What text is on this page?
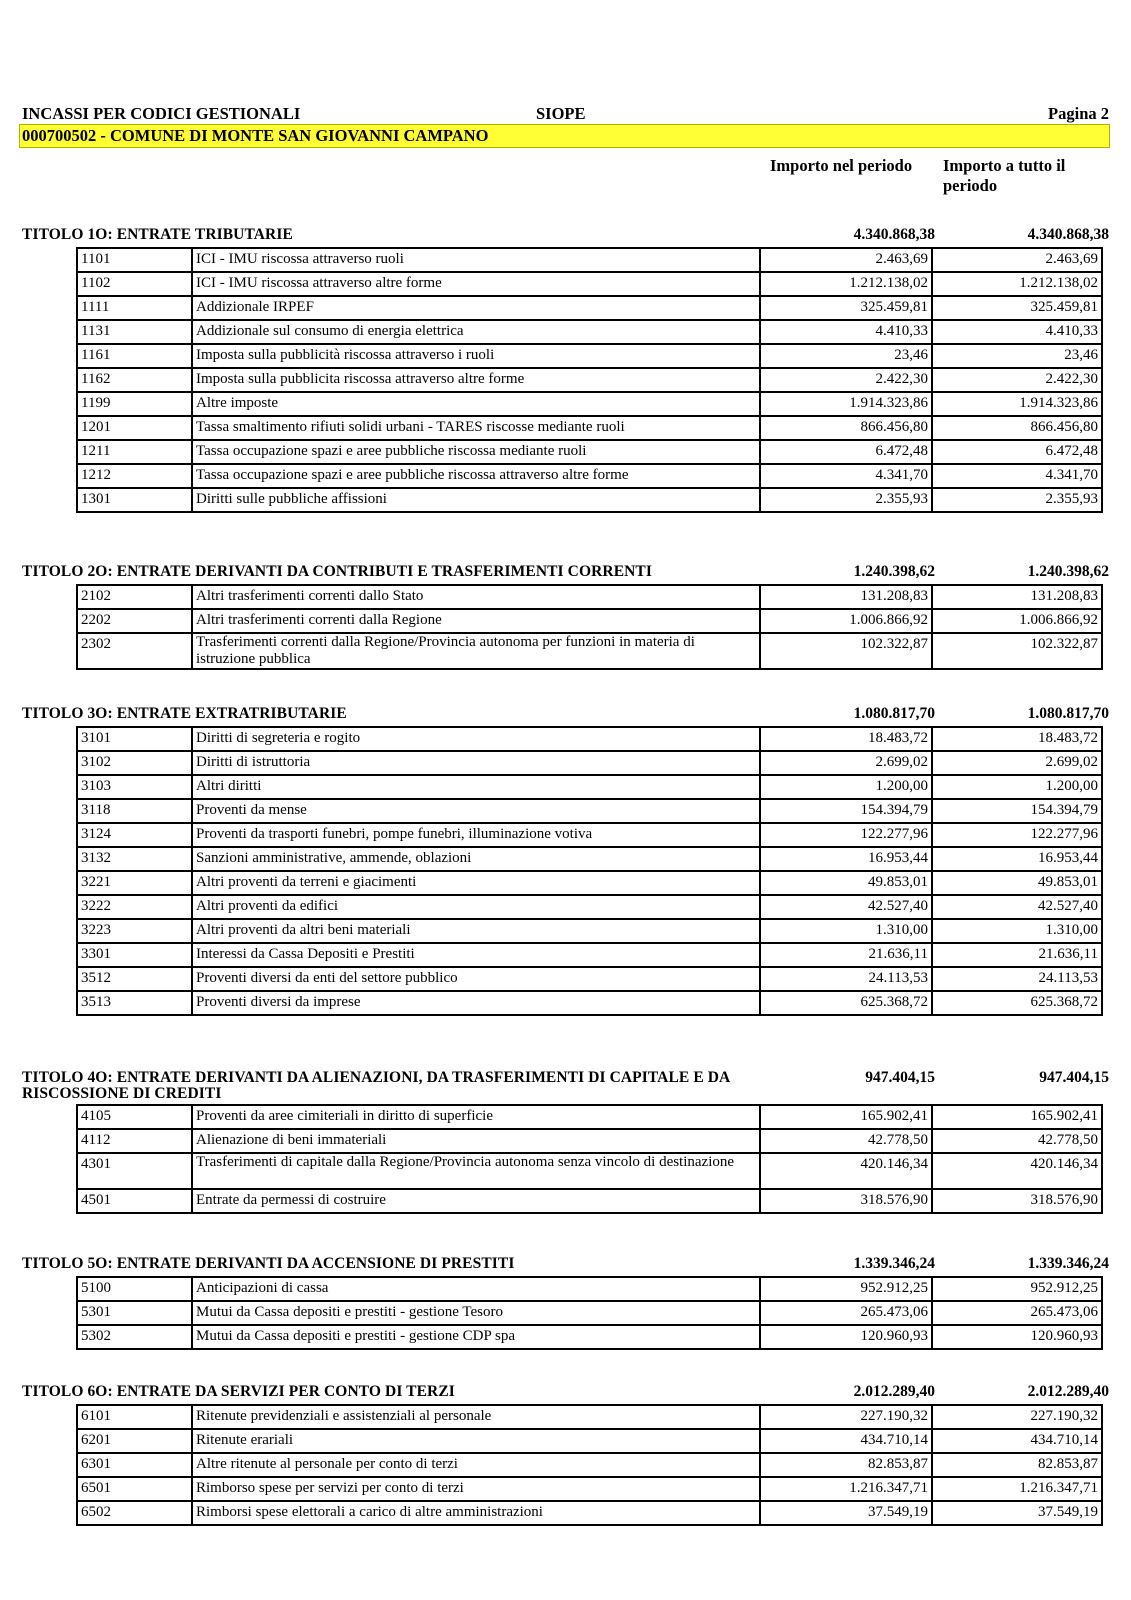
INCASSI PER CODICI GESTIONALI	SIOPE	Pagina 2
000700502 - COMUNE DI MONTE SAN GIOVANNI CAMPANO
Importo nel periodo Importo a tutto il
periodo
TITOLO 1O: ENTRATE TRIBUTARIE	4.340.868,38	4.340.868,38
1101	ICI - IMU riscossa attraverso ruoli	2.463,69	2.463,69
1102	ICI - IMU riscossa attraverso altre forme	1.212.138,02	1.212.138,02
1111	Addizionale IRPEF	325.459,81	325.459,81
1131	Addizionale sul consumo di energia elettrica	4.410,33	4.410,33
1161	Imposta sulla pubblicità riscossa attraverso i ruoli	23,46	23,46
1162	Imposta sulla pubblicita riscossa attraverso altre forme	2.422,30	2.422,30
1199	Altre imposte	1.914.323,86	1.914.323,86
1201	Tassa smaltimento rifiuti solidi urbani - TARES riscosse mediante ruoli	866.456,80	866.456,80
1211	Tassa occupazione spazi e aree pubbliche riscossa mediante ruoli	6.472,48	6.472,48
1212	Tassa occupazione spazi e aree pubbliche riscossa attraverso altre forme	4.341,70	4.341,70
1301	Diritti sulle pubbliche affissioni	2.355,93	2.355,93
TITOLO 2O: ENTRATE DERIVANTI DA CONTRIBUTI E TRASFERIMENTI CORRENTI	1.240.398,62	1.240.398,62
2102	Altri trasferimenti correnti dallo Stato	131.208,83	131.208,83
2202	Altri trasferimenti correnti dalla Regione	1.006.866,92	1.006.866,92
2302	Trasferimenti correnti dalla Regione/Provincia autonoma per funzioni in materia di istruzione pubblica	102.322,87	102.322,87
TITOLO 3O: ENTRATE EXTRATRIBUTARIE	1.080.817,70	1.080.817,70
3101	Diritti di segreteria e rogito	18.483,72	18.483,72
3102	Diritti di istruttoria	2.699,02	2.699,02
3103	Altri diritti	1.200,00	1.200,00
3118	Proventi da mense	154.394,79	154.394,79
3124	Proventi da trasporti funebri, pompe funebri, illuminazione votiva	122.277,96	122.277,96
3132	Sanzioni amministrative, ammende, oblazioni	16.953,44	16.953,44
3221	Altri proventi da terreni e giacimenti	49.853,01	49.853,01
3222	Altri proventi da edifici	42.527,40	42.527,40
3223	Altri proventi da altri beni materiali	1.310,00	1.310,00
3301	Interessi da Cassa Depositi e Prestiti	21.636,11	21.636,11
3512	Proventi diversi da enti del settore pubblico	24.113,53	24.113,53
3513	Proventi diversi da imprese	625.368,72	625.368,72
TITOLO 4O: ENTRATE DERIVANTI DA ALIENAZIONI, DA TRASFERIMENTI DI CAPITALE E DA RISCOSSIONE DI CREDITI
947.404,15	947.404,15
4105	Proventi da aree cimiteriali in diritto di superficie	165.902,41	165.902,41
4112	Alienazione di beni immateriali	42.778,50	42.778,50
4301	Trasferimenti di capitale dalla Regione/Provincia autonoma senza vincolo di destinazione	420.146,34	420.146,34
4501	Entrate da permessi di costruire	318.576,90	318.576,90
TITOLO 5O: ENTRATE DERIVANTI DA ACCENSIONE DI PRESTITI	1.339.346,24	1.339.346,24
5100	Anticipazioni di cassa	952.912,25	952.912,25
5301	Mutui da Cassa depositi e prestiti - gestione Tesoro	265.473,06	265.473,06
5302	Mutui da Cassa depositi e prestiti - gestione CDP spa	120.960,93	120.960,93
TITOLO 6O: ENTRATE DA SERVIZI PER CONTO DI TERZI	2.012.289,40	2.012.289,40
6101	Ritenute previdenziali e assistenziali al personale	227.190,32	227.190,32
6201	Ritenute erariali	434.710,14	434.710,14
6301	Altre ritenute al personale per conto di terzi	82.853,87	82.853,87
6501	Rimborso spese per servizi per conto di terzi	1.216.347,71	1.216.347,71
6502	Rimborsi spese elettorali a carico di altre amministrazioni	37.549,19	37.549,19
